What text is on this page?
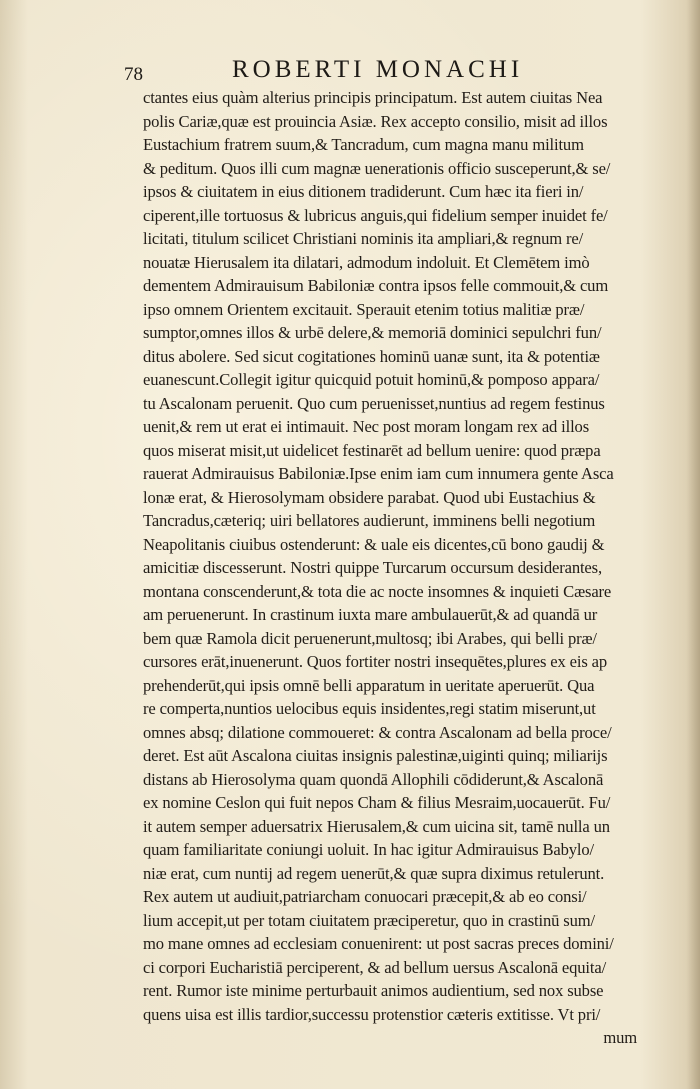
78	ROBERTI MONACHI
ctantes eius quàm alterius principis principatum. Est autem ciuitas Nea
polis Cariæ,quæ est prouincia Asiæ. Rex accepto consilio, misit ad illos
Eustachium fratrem suum,& Tancradum, cum magna manu militum
& peditum. Quos illi cum magnæ uenerationis officio susceperunt,& se/
ipsos & ciuitatem in eius ditionem tradiderunt. Cum hæc ita fieri in/
ciperent,ille tortuosus & lubricus anguis,qui fidelium semper inuidet fe/
licitati, titulum scilicet Christiani nominis ita ampliari,& regnum re/
nouatæ Hierusalem ita dilatari, admodum indoluit. Et Clemētem imò
dementem Admirauisum Babiloniæ contra ipsos felle commouit,& cum
ipso omnem Orientem excitauit. Sperauit etenim totius malitiæ præ/
sumptor,omnes illos & urbē delere,& memoriā dominici sepulchri fun/
ditus abolere. Sed sicut cogitationes hominū uanæ sunt, ita & potentiæ
euanescunt.Collegit igitur quicquid potuit hominū,& pomposo appara/
tu Ascalonam peruenit. Quo cum peruenisset,nuntius ad regem festinus
uenit,& rem ut erat ei intimauit. Nec post moram longam rex ad illos
quos miserat misit,ut uidelicet festinarēt ad bellum uenire: quod præpa
rauerat Admirauisus Babiloniæ.Ipse enim iam cum innumera gente Asca
lonæ erat, & Hierosolymam obsidere parabat. Quod ubi Eustachius &
Tancradus,cæteriq; uiri bellatores audierunt, imminens belli negotium
Neapolitanis ciuibus ostenderunt: & uale eis dicentes,cū bono gaudij &
amicitiæ discesserunt. Nostri quippe Turcarum occursum desiderantes,
montana conscenderunt,& tota die ac nocte insomnes & inquieti Cæsare
am peruenerunt. In crastinum iuxta mare ambulauerūt,& ad quandā ur
bem quæ Ramola dicit peruenerunt,multosq; ibi Arabes, qui belli præ/
cursores erāt,inuenerunt. Quos fortiter nostri insequētes,plures ex eis ap
prehenderūt,qui ipsis omnē belli apparatum in ueritate aperuerūt. Qua
re comperta,nuntios uelocibus equis insidentes,regi statim miserunt,ut
omnes absq; dilatione commoueret: & contra Ascalonam ad bella proce/
deret. Est aūt Ascalona ciuitas insignis palestinæ,uiginti quinq; miliarijs
distans ab Hierosolyma quam quondā Allophili cōdiderunt,& Ascalonā
ex nomine Ceslon qui fuit nepos Cham & filius Mesraim,uocauerūt. Fu/
it autem semper aduersatrix Hierusalem,& cum uicina sit, tamē nulla un
quam familiaritate coniungi uoluit. In hac igitur Admirauisus Babylo/
niæ erat, cum nuntij ad regem uenerūt,& quæ supra diximus retulerunt.
Rex autem ut audiuit,patriarcham conuocari præcepit,& ab eo consi/
lium accepit,ut per totam ciuitatem præciperetur, quo in crastinū sum/
mo mane omnes ad ecclesiam conuenirent: ut post sacras preces domini/
ci corpori Eucharistiā perciperent, & ad bellum uersus Ascalonā equita/
rent. Rumor iste minime perturbauit animos audientium, sed nox subse
quens uisa est illis tardior,successu protenstior cæteris extitisse. Vt pri/
mum
